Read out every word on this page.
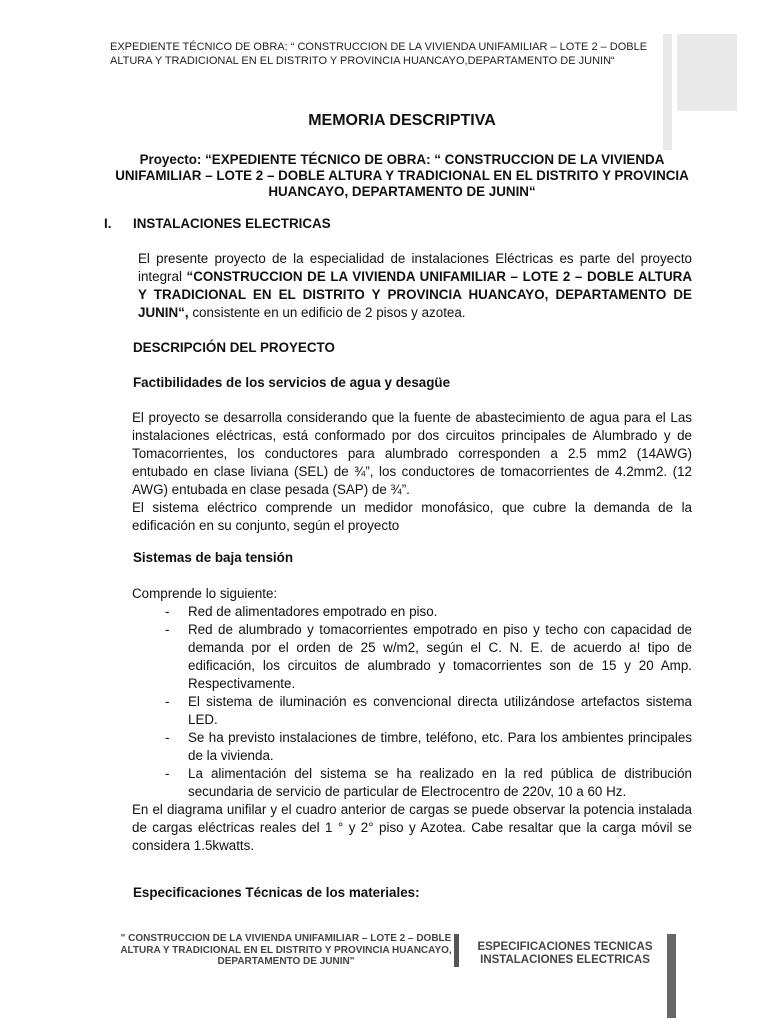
EXPEDIENTE TÉCNICO DE OBRA: “ CONSTRUCCION DE LA VIVIENDA UNIFAMILIAR – LOTE 2 – DOBLE ALTURA Y TRADICIONAL EN EL DISTRITO Y PROVINCIA HUANCAYO,DEPARTAMENTO DE JUNIN“
MEMORIA DESCRIPTIVA
Proyecto: “EXPEDIENTE TÉCNICO DE OBRA: “ CONSTRUCCION DE LA VIVIENDA UNIFAMILIAR – LOTE 2 – DOBLE ALTURA Y TRADICIONAL EN EL DISTRITO Y PROVINCIA HUANCAYO, DEPARTAMENTO DE JUNIN“
I. INSTALACIONES ELECTRICAS
El presente proyecto de la especialidad de instalaciones Eléctricas es parte del proyecto integral “CONSTRUCCION DE LA VIVIENDA UNIFAMILIAR – LOTE 2 – DOBLE ALTURA Y TRADICIONAL EN EL DISTRITO Y PROVINCIA HUANCAYO, DEPARTAMENTO DE JUNIN“, consistente en un edificio de 2 pisos y azotea.
DESCRIPCIÓN DEL PROYECTO
Factibilidades de los servicios de agua y desagüe

El proyecto se desarrolla considerando que la fuente de abastecimiento de agua para el Las instalaciones eléctricas, está conformado por dos circuitos principales de Alumbrado y de Tomacorrientes, los conductores para alumbrado corresponden a 2.5 mm2 (14AWG) entubado en clase liviana (SEL) de ¾”, los conductores de tomacorrientes de 4.2mm2. (12 AWG) entubada en clase pesada (SAP) de ¾”.

El sistema eléctrico comprende un medidor monofásico, que cubre la demanda de la edificación en su conjunto, según el proyecto

Sistemas de baja tensión

Comprende lo siguiente:

- Red de alimentadores empotrado en piso.
- Red de alumbrado y tomacorrientes empotrado en piso y techo con capacidad de demanda por el orden de 25 w/m2, según el C. N. E. de acuerdo a! tipo de edificación, los circuitos de alumbrado y tomacorrientes son de 15 y 20 Amp. Respectivamente.
- El sistema de iluminación es convencional directa utilizándose artefactos sistema LED.
- Se ha previsto instalaciones de timbre, teléfono, etc. Para los ambientes principales de la vivienda.
- La alimentación del sistema se ha realizado en la red pública de distribución secundaria de servicio de particular de Electrocentro de 220v, 10 a 60 Hz.

En el diagrama unifilar y el cuadro anterior de cargas se puede observar la potencia instalada de cargas eléctricas reales del 1 ° y 2° piso y Azotea. Cabe resaltar que la carga móvil se considera 1.5kwatts.

Especificaciones Técnicas de los materiales:
" CONSTRUCCION DE LA VIVIENDA UNIFAMILIAR – LOTE 2 – DOBLE ALTURA Y TRADICIONAL EN EL DISTRITO Y PROVINCIA HUANCAYO, DEPARTAMENTO DE JUNIN"
ESPECIFICACIONES TECNICAS
INSTALACIONES ELECTRICAS
